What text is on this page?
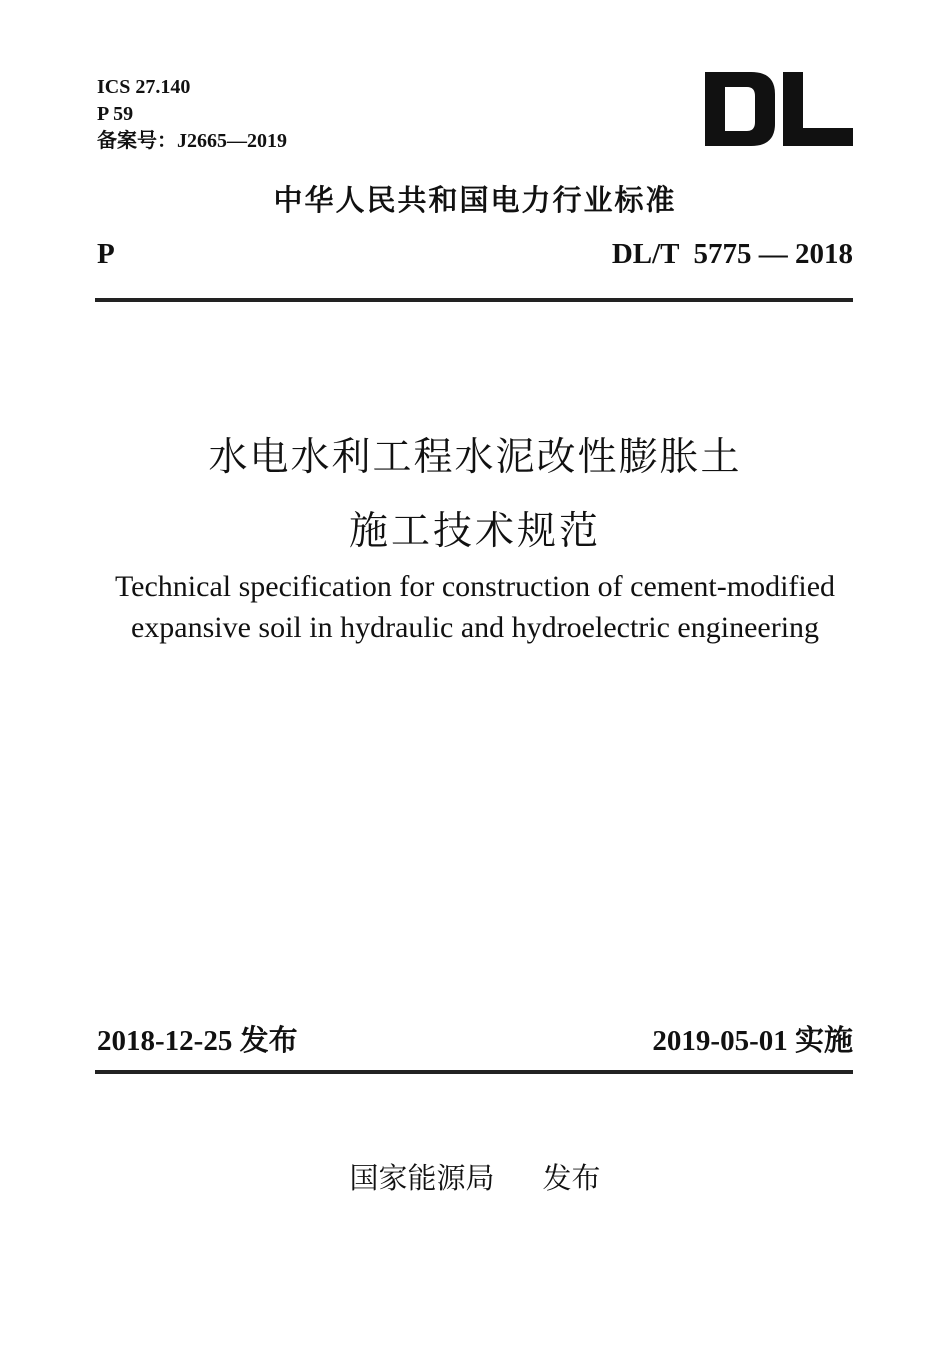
ICS 27.140
P 59
备案号：J2665—2019
中华人民共和国电力行业标准
P	DL/T  5775 — 2018
水电水利工程水泥改性膨胀土
施工技术规范
Technical specification for construction of cement-modified
expansive soil in hydraulic and hydroelectric engineering
2018-12-25 发布	2019-05-01 实施
国家能源局 发布
